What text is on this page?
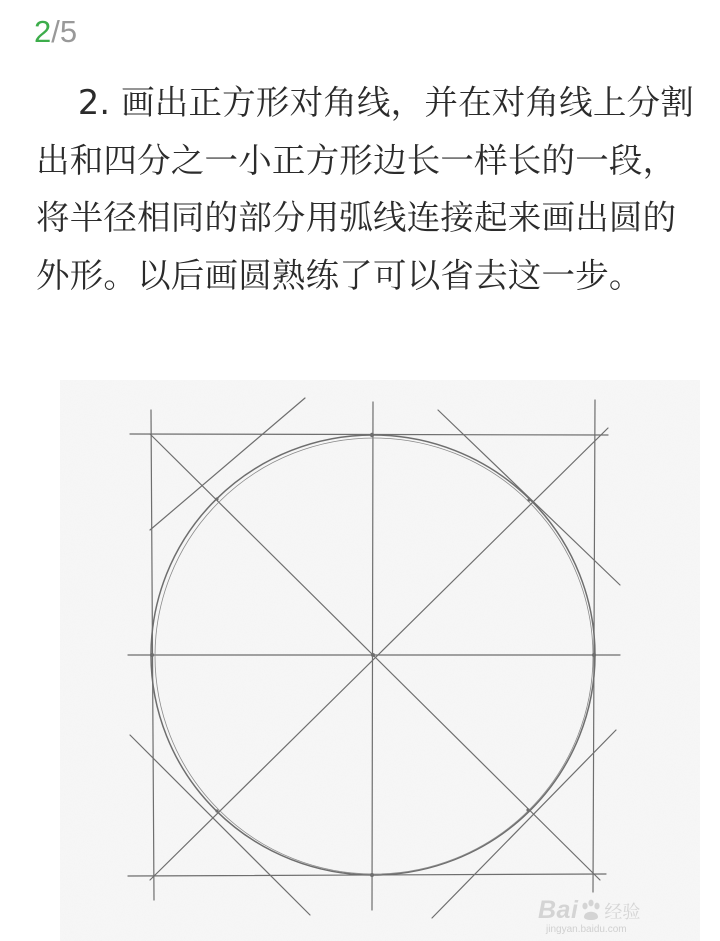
2/5

2. 画出正方形对角线，并在对角线上分割出和四分之一小正方形边长一样长的一段，将半径相同的部分用弧线连接起来画出圆的外形。以后画圆熟练了可以省去这一步。

Bai 经验
jingyan.baidu.com
